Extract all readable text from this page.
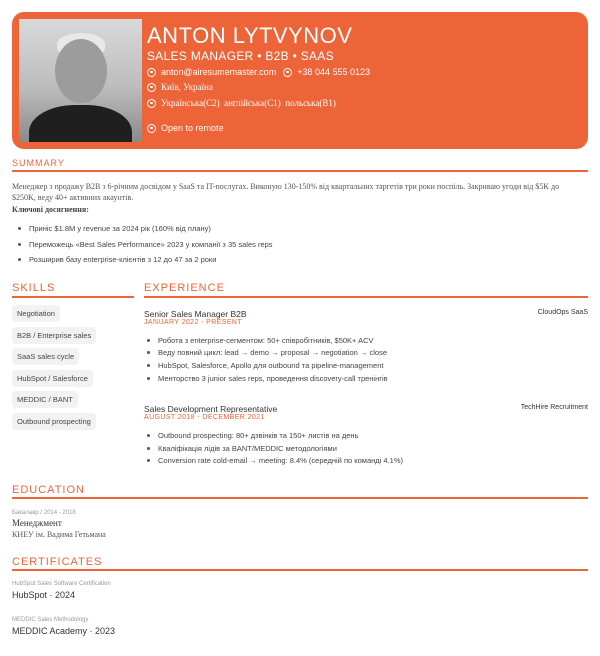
ANTON LYTVYNOV
SALES MANAGER • B2B • SAAS
anton@airesumemaster.com +38 044 555 0123
Київ, Україна
Українська(С2)  англійська(С1)  польська(В1)
Open to remote
SUMMARY
Менеджер з продажу B2B з 6-річним досвідом у SaaS та IT-послугах. Виконую 130-150% від квартальних таргетів три роки поспіль. Закриваю угоди від $5K до $250K, веду 40+ активних акаунтів.
Ключові досягнення:
Приніс $1.8M у revenue за 2024 рік (160% від плану)
Переможець «Best Sales Performance» 2023 у компанії з 35 sales reps
Розширив базу enterprise-клієнтів з 12 до 47 за 2 роки
SKILLS
Negotiation
B2B / Enterprise sales
SaaS sales cycle
HubSpot / Salesforce
MEDDIC / BANT
Outbound prospecting
EXPERIENCE
Senior Sales Manager B2B	CloudOps SaaS
JANUARY 2022 - PRESENT
Робота з enterprise-сегментом: 50+ співробітників, $50K+ ACV
Веду повний цикл: lead → demo → proposal → negotiation → close
HubSpot, Salesforce, Apollo для outbound та pipeline-management
Менторство 3 junior sales reps, проведення discovery-call тренінгів
Sales Development Representative	TechHire Recruitment
AUGUST 2018 - DECEMBER 2021
Outbound prospecting: 80+ дзвінків та 150+ листів на день
Кваліфікація лідів за BANT/MEDDIC методологіями
Conversion rate cold-email → meeting: 8.4% (середній по команді 4.1%)
EDUCATION
Бакалавр / 2014 - 2018
Менеджмент
КНЕУ ім. Вадима Гетьмана
CERTIFICATES
HubSpot Sales Software Certification
HubSpot · 2024
MEDDIC Sales Methodology
MEDDIC Academy · 2023
